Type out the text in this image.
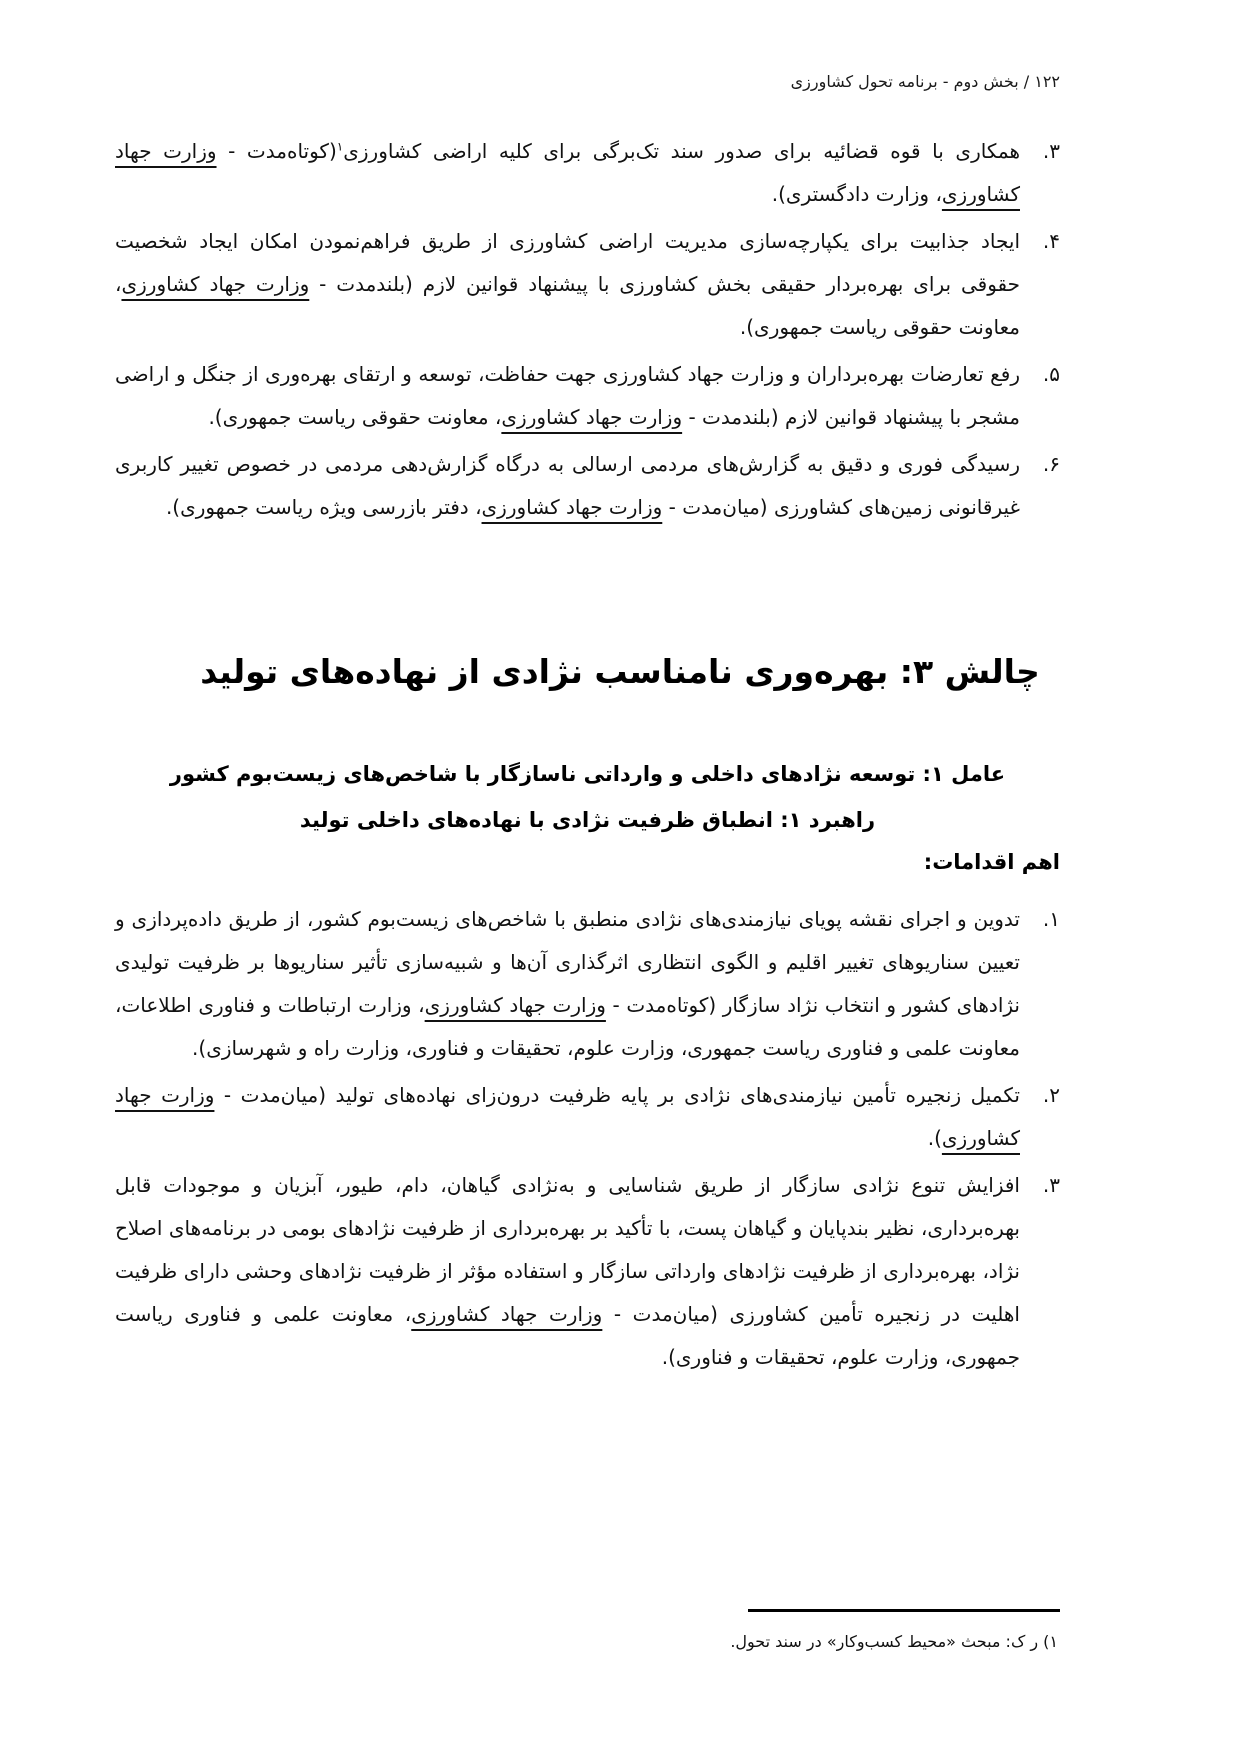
۱۲۲ / بخش دوم - برنامه تحول کشاورزی
۳.

همکاری با قوه قضائیه برای صدور سند تک‌برگی برای کلیه اراضی کشاورزی$^۱$(کوتاه‌مدت - وزارت جهاد کشاورزی، وزارت دادگستری).

۴.

ایجاد جذابیت برای یکپارچه‌سازی مدیریت اراضی کشاورزی از طریق فراهم‌نمودن امکان ایجاد شخصیت حقوقی برای بهره‌بردار حقیقی بخش کشاورزی با پیشنهاد قوانین لازم (بلندمدت - وزارت جهاد کشاورزی، معاونت حقوقی ریاست جمهوری).

۵.

رفع تعارضات بهره‌برداران و وزارت جهاد کشاورزی جهت حفاظت، توسعه و ارتقای بهره‌وری از جنگل و اراضی مشجر با پیشنهاد قوانین لازم (بلندمدت - وزارت جهاد کشاورزی، معاونت حقوقی ریاست جمهوری).

۶.

رسیدگی فوری و دقیق به گزارش‌های مردمی ارسالی به درگاه گزارش‌دهی مردمی در خصوص تغییر کاربری غیرقانونی زمین‌های کشاورزی (میان‌مدت - وزارت جهاد کشاورزی، دفتر بازرسی ویژه ریاست جمهوری).

چالش ۳: بهره‌وری نامناسب نژادی از نهاده‌های تولید
عامل ۱: توسعه نژادهای داخلی و وارداتی ناسازگار با شاخص‌های زیست‌بوم کشور
راهبرد ۱: انطباق ظرفیت نژادی با نهاده‌های داخلی تولید
اهم اقدامات:
۱.

تدوین و اجرای نقشه پویای نیازمندی‌های نژادی منطبق با شاخص‌های زیست‌بوم کشور، از طریق داده‌پردازی و تعیین سناریوهای تغییر اقلیم و الگوی انتظاری اثرگذاری آن‌ها و شبیه‌سازی تأثیر سناریوها بر ظرفیت تولیدی نژادهای کشور و انتخاب نژاد سازگار (کوتاه‌مدت - وزارت جهاد کشاورزی، وزارت ارتباطات و فناوری اطلاعات، معاونت علمی و فناوری ریاست جمهوری، وزارت علوم، تحقیقات و فناوری، وزارت راه و شهرسازی).

۲.

تکمیل زنجیره تأمین نیازمندی‌های نژادی بر پایه ظرفیت درون‌زای نهاده‌های تولید (میان‌مدت - وزارت جهاد کشاورزی).

۳.

افزایش تنوع نژادی سازگار از طریق شناسایی و به‌نژادی گیاهان، دام، طیور، آبزیان و موجودات قابل بهره‌برداری، نظیر بندپایان و گیاهان پست، با تأکید بر بهره‌برداری از ظرفیت نژادهای بومی در برنامه‌های اصلاح نژاد، بهره‌برداری از ظرفیت نژادهای وارداتی سازگار و استفاده مؤثر از ظرفیت نژادهای وحشی دارای ظرفیت اهلیت در زنجیره تأمین کشاورزی (میان‌مدت - وزارت جهاد کشاورزی، معاونت علمی و فناوری ریاست جمهوری، وزارت علوم، تحقیقات و فناوری).

۱) ر ک: مبحث «محیط کسب‌وکار» در سند تحول.
